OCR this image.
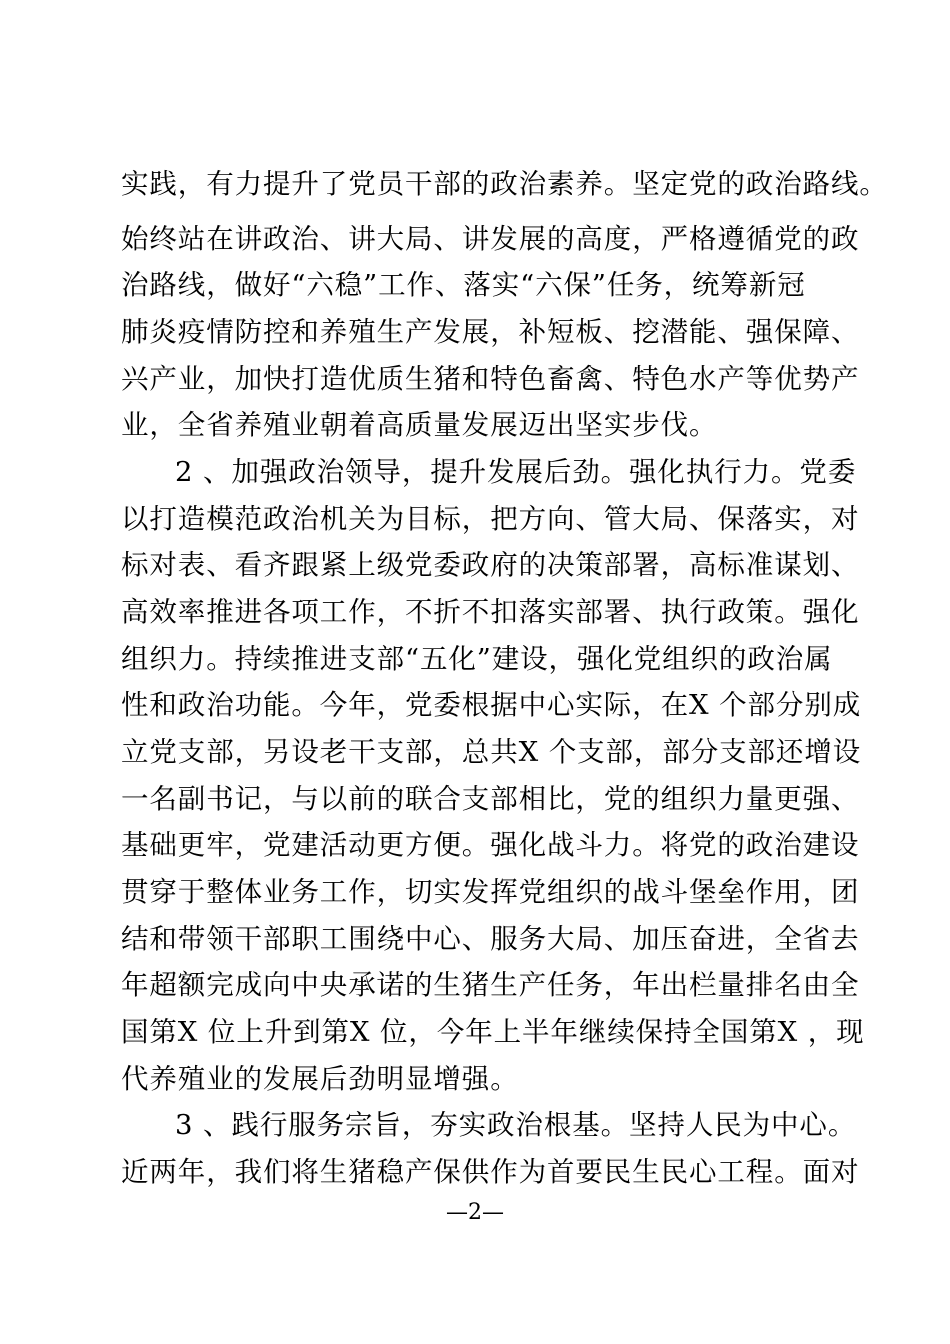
实践，有力提升了党员干部的政治素养。坚定党的政治路线。
始终站在讲政治、讲大局、讲发展的高度，严格遵循党的政
治路线，做好“六稳”工作、落实“六保”任务，统筹新冠
肺炎疫情防控和养殖生产发展，补短板、挖潜能、强保障、
兴产业，加快打造优质生猪和特色畜禽、特色水产等优势产
业，全省养殖业朝着高质量发展迈出坚实步伐。
2 、加强政治领导，提升发展后劲。强化执行力。党委
以打造模范政治机关为目标，把方向、管大局、保落实，对
标对表、看齐跟紧上级党委政府的决策部署，高标准谋划、
高效率推进各项工作，不折不扣落实部署、执行政策。强化
组织力。持续推进支部“五化”建设，强化党组织的政治属
性和政治功能。今年，党委根据中心实际，在X 个部分别成
立党支部，另设老干支部，总共X 个支部，部分支部还增设
一名副书记，与以前的联合支部相比，党的组织力量更强、
基础更牢，党建活动更方便。强化战斗力。将党的政治建设
贯穿于整体业务工作，切实发挥党组织的战斗堡垒作用，团
结和带领干部职工围绕中心、服务大局、加压奋进，全省去
年超额完成向中央承诺的生猪生产任务，年出栏量排名由全
国第X 位上升到第X 位，今年上半年继续保持全国第X ，现
代养殖业的发展后劲明显增强。
3 、践行服务宗旨，夯实政治根基。坚持人民为中心。
近两年，我们将生猪稳产保供作为首要民生民心工程。面对
—2—
